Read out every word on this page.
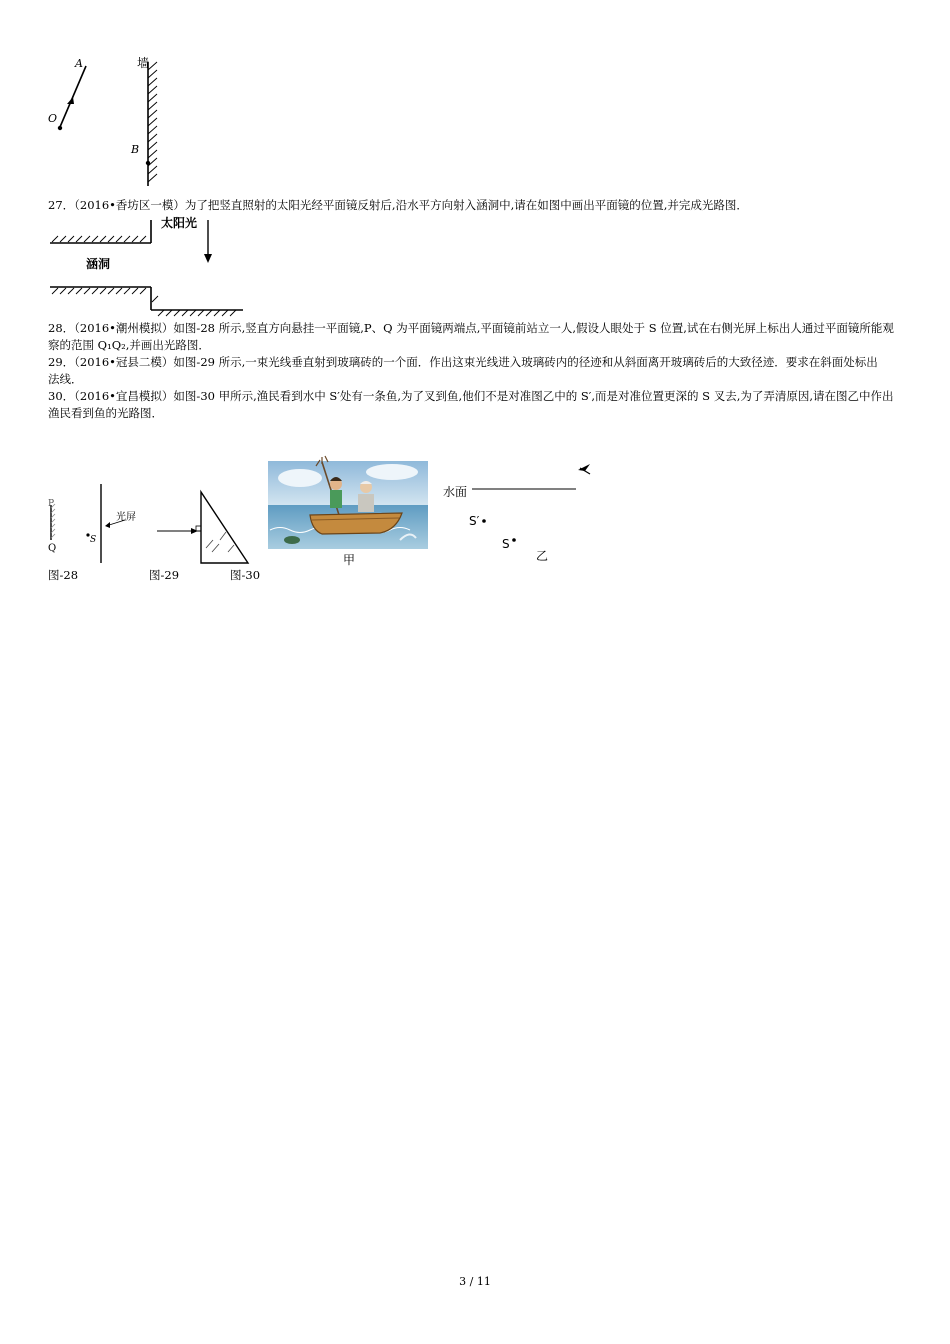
A
O
墙
B
27．（2016•香坊区一模）为了把竖直照射的太阳光经平面镜反射后,沿水平方向射入涵洞中,请在如图中画出平面镜的位置,并完成光路图．
太阳光
涵洞
28．（2016•潮州模拟）如图-28 所示,竖直方向悬挂一平面镜,P、Q 为平面镜两端点,平面镜前站立一人,假设人眼处于 S 位置,试在右侧光屏上标出人通过平面镜所能观
察的范围 Q₁Q₂,并画出光路图．
29．（2016•冠县二模）如图-29 所示,一束光线垂直射到玻璃砖的一个面．作出这束光线进入玻璃砖内的径迹和从斜面离开玻璃砖后的大致径迹．要求在斜面处标出
法线．
30．（2016•宜昌模拟）如图-30 甲所示,渔民看到水中 S′处有一条鱼,为了叉到鱼,他们不是对准图乙中的 S′,而是对准位置更深的 S 叉去,为了弄清原因,请在图乙中作出
渔民看到鱼的光路图．
P
Q
S
光屏
图-28	图-29	图-30
甲
水面
S′
S
乙
3 / 11
